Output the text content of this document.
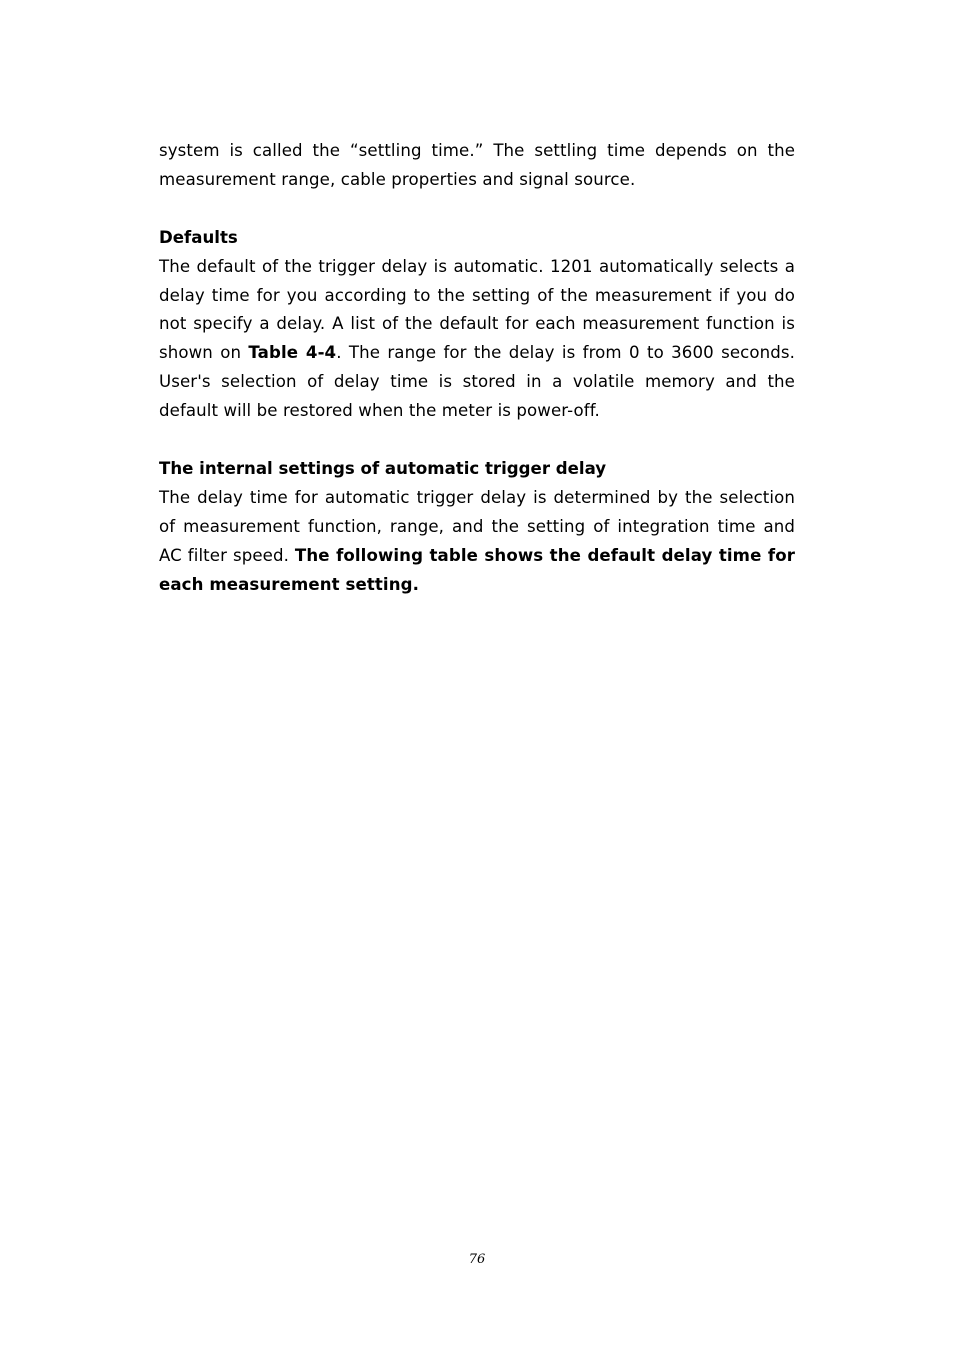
system is called the “settling time.” The settling time depends on the measurement range, cable properties and signal source.

Defaults

The default of the trigger delay is automatic. 1201 automatically selects a delay time for you according to the setting of the measurement if you do not specify a delay. A list of the default for each measurement function is shown on Table 4-4. The range for the delay is from 0 to 3600 seconds. User's selection of delay time is stored in a volatile memory and the default will be restored when the meter is power-off.

The internal settings of automatic trigger delay

The delay time for automatic trigger delay is determined by the selection of measurement function, range, and the setting of integration time and AC filter speed. The following table shows the default delay time for each measurement setting.

76
